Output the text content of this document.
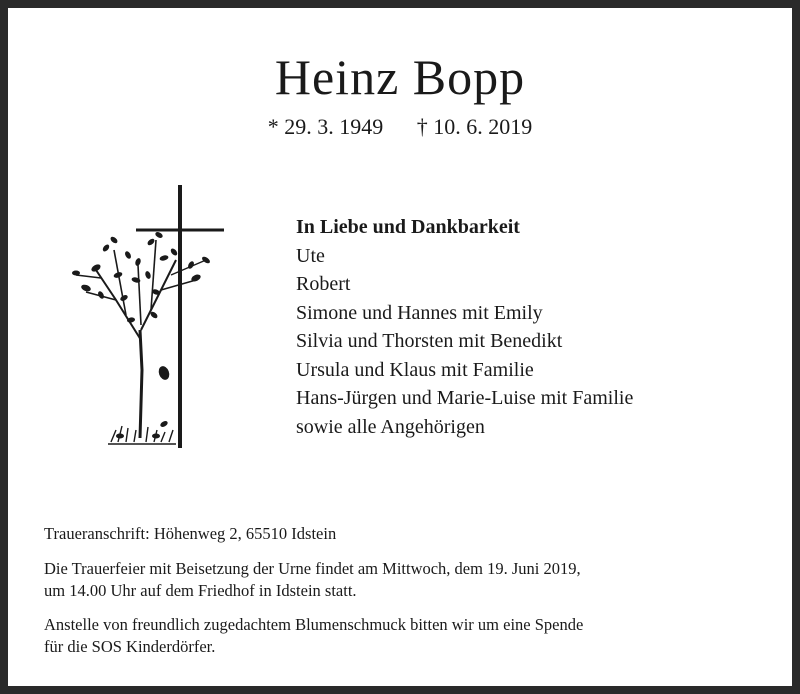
Heinz Bopp
* 29. 3. 1949 † 10. 6. 2019
In Liebe und Dankbarkeit
Ute
Robert
Simone und Hannes mit Emily
Silvia und Thorsten mit Benedikt
Ursula und Klaus mit Familie
Hans-Jürgen und Marie-Luise mit Familie
sowie alle Angehörigen

Traueranschrift: Höhenweg 2, 65510 Idstein

Die Trauerfeier mit Beisetzung der Urne findet am Mittwoch, dem 19. Juni 2019,
um 14.00 Uhr auf dem Friedhof in Idstein statt.

Anstelle von freundlich zugedachtem Blumenschmuck bitten wir um eine Spende
für die SOS Kinderdörfer.
